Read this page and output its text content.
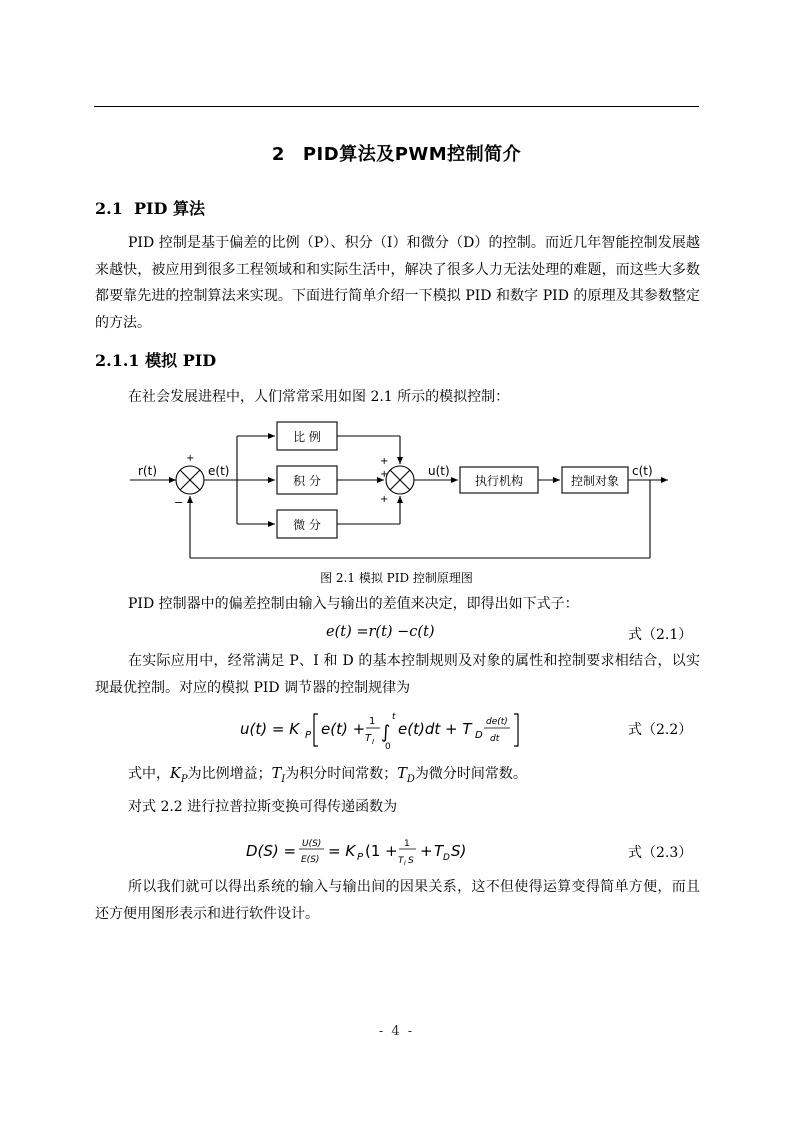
2 PID算法及PWM控制简介
2.1 PID 算法
PID 控制是基于偏差的比例（P）、积分（I）和微分（D）的控制。而近几年智能控制发展越来越快，被应用到很多工程领域和和实际生活中，解决了很多人力无法处理的难题，而这些大多数都要靠先进的控制算法来实现。下面进行简单介绍一下模拟 PID 和数字 PID 的原理及其参数整定的方法。
2.1.1 模拟 PID
在社会发展进程中，人们常常采用如图 2.1 所示的模拟控制：
r(t)	e(t)	u(t)	c(t)
比 例
积 分
微 分
执行机构	控制对象
+
−
+
+
+
图 2.1 模拟 PID 控制原理图
PID 控制器中的偏差控制由输入与输出的差值来决定，即得出如下式子：
e(t) =r(t) −c(t)	式（2.1）
在实际应用中，经常满足 P、I 和 D 的基本控制规则及对象的属性和控制要求相结合，以实现最优控制。对应的模拟 PID 调节器的控制规律为
u(t) = K P e(t) + 1
T I ∫
t
0
e(t)dt + T D
de(t)
dt
式（2.2）
式中，$K_P$为比例增益；$T_I$为积分时间常数；$T_D$为微分时间常数。
对式 2.2 进行拉普拉斯变换可得传递函数为
D(S) = U(S)
E(S) = K P (1 + 1
T I S
+ T D S)	式（2.3）
所以我们就可以得出系统的输入与输出间的因果关系，这不但使得运算变得简单方便，而且还方便用图形表示和进行软件设计。
- 4 -
